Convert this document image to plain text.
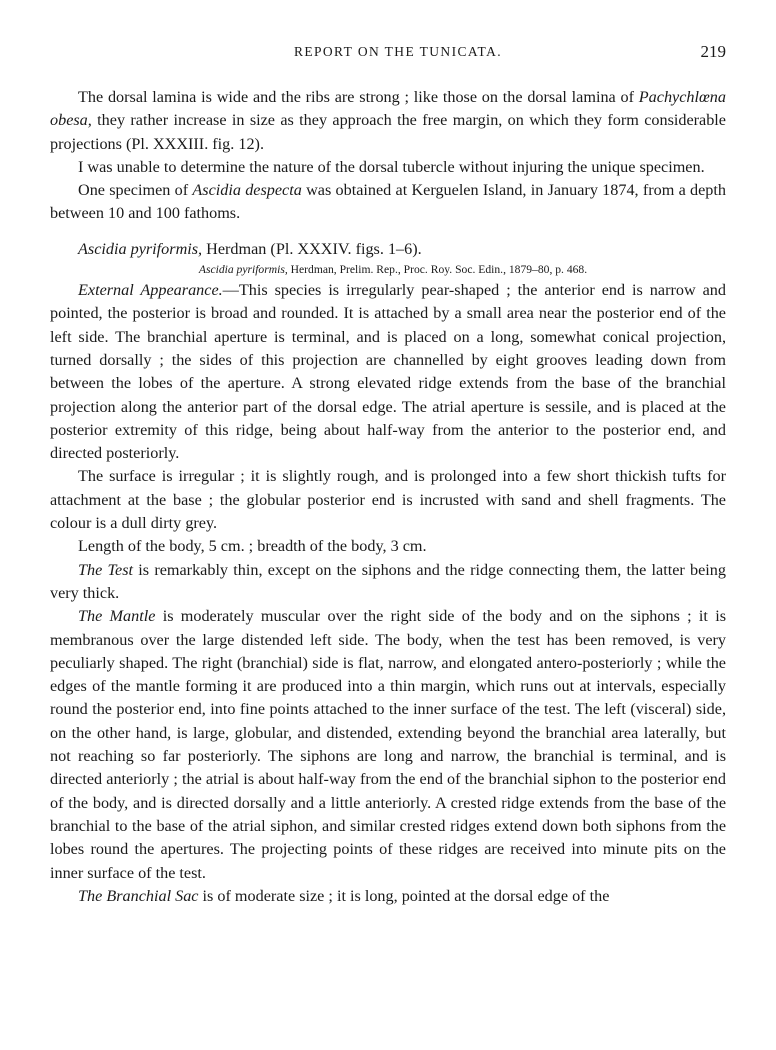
REPORT ON THE TUNICATA.	219

The dorsal lamina is wide and the ribs are strong ; like those on the dorsal lamina of Pachychlœna obesa, they rather increase in size as they approach the free margin, on which they form considerable projections (Pl. XXXIII. fig. 12).

I was unable to determine the nature of the dorsal tubercle without injuring the unique specimen.

One specimen of Ascidia despecta was obtained at Kerguelen Island, in January 1874, from a depth between 10 and 100 fathoms.

Ascidia pyriformis, Herdman (Pl. XXXIV. figs. 1–6).

Ascidia pyriformis, Herdman, Prelim. Rep., Proc. Roy. Soc. Edin., 1879–80, p. 468.

External Appearance.—This species is irregularly pear-shaped ; the anterior end is narrow and pointed, the posterior is broad and rounded. It is attached by a small area near the posterior end of the left side. The branchial aperture is terminal, and is placed on a long, somewhat conical projection, turned dorsally ; the sides of this projection are channelled by eight grooves leading down from between the lobes of the aperture. A strong elevated ridge extends from the base of the branchial projection along the anterior part of the dorsal edge. The atrial aperture is sessile, and is placed at the posterior extremity of this ridge, being about half-way from the anterior to the posterior end, and directed posteriorly.

The surface is irregular ; it is slightly rough, and is prolonged into a few short thickish tufts for attachment at the base ; the globular posterior end is incrusted with sand and shell fragments. The colour is a dull dirty grey.

Length of the body, 5 cm. ; breadth of the body, 3 cm.

The Test is remarkably thin, except on the siphons and the ridge connecting them, the latter being very thick.

The Mantle is moderately muscular over the right side of the body and on the siphons ; it is membranous over the large distended left side. The body, when the test has been removed, is very peculiarly shaped. The right (branchial) side is flat, narrow, and elongated antero-posteriorly ; while the edges of the mantle forming it are produced into a thin margin, which runs out at intervals, especially round the posterior end, into fine points attached to the inner surface of the test. The left (visceral) side, on the other hand, is large, globular, and distended, extending beyond the branchial area laterally, but not reaching so far posteriorly. The siphons are long and narrow, the branchial is terminal, and is directed anteriorly ; the atrial is about half-way from the end of the branchial siphon to the posterior end of the body, and is directed dorsally and a little anteriorly. A crested ridge extends from the base of the branchial to the base of the atrial siphon, and similar crested ridges extend down both siphons from the lobes round the apertures. The projecting points of these ridges are received into minute pits on the inner surface of the test.

The Branchial Sac is of moderate size ; it is long, pointed at the dorsal edge of the
